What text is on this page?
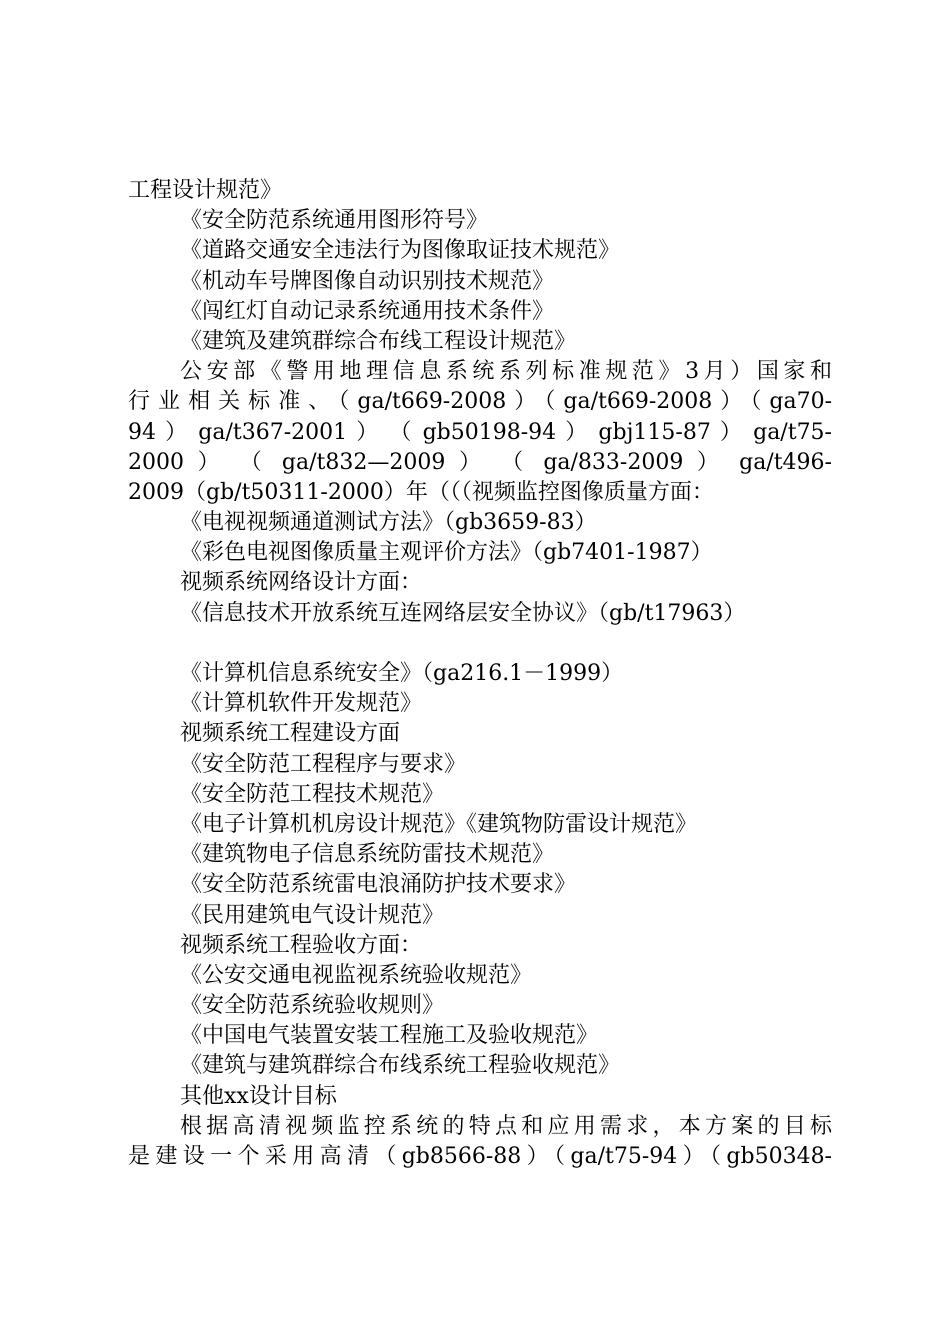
工程设计规范》
《安全防范系统通用图形符号》
《道路交通安全违法行为图像取证技术规范》
《机动车号牌图像自动识别技术规范》
《闯红灯自动记录系统通用技术条件》
《建筑及建筑群综合布线工程设计规范》
公安部《警用地理信息系统系列标准规范》3月）国家和
行业相关标准、（ga/t669-2008）（ga/t669-2008）（ga70-
94 ） ga/t367-2001 ） （ gb50198-94 ） gbj115-87 ） ga/t75-
2000 ） （ ga/t832—2009 ） （ ga/833-2009 ） ga/t496-
2009（gb/t50311-2000）年（（（视频监控图像质量方面：
《电视视频通道测试方法》（gb3659-83）
《彩色电视图像质量主观评价方法》（gb7401-1987）
视频系统网络设计方面：
《信息技术开放系统互连网络层安全协议》（gb/t17963）
《计算机信息系统安全》（ga216.1－1999）
《计算机软件开发规范》
视频系统工程建设方面
《安全防范工程程序与要求》
《安全防范工程技术规范》
《电子计算机机房设计规范》《建筑物防雷设计规范》
《建筑物电子信息系统防雷技术规范》
《安全防范系统雷电浪涌防护技术要求》
《民用建筑电气设计规范》
视频系统工程验收方面：
《公安交通电视监视系统验收规范》
《安全防范系统验收规则》
《中国电气装置安装工程施工及验收规范》
《建筑与建筑群综合布线系统工程验收规范》
其他xx设计目标
根据高清视频监控系统的特点和应用需求，本方案的目标
是建设一个采用高清（gb8566-88）（ga/t75-94）（gb50348-
